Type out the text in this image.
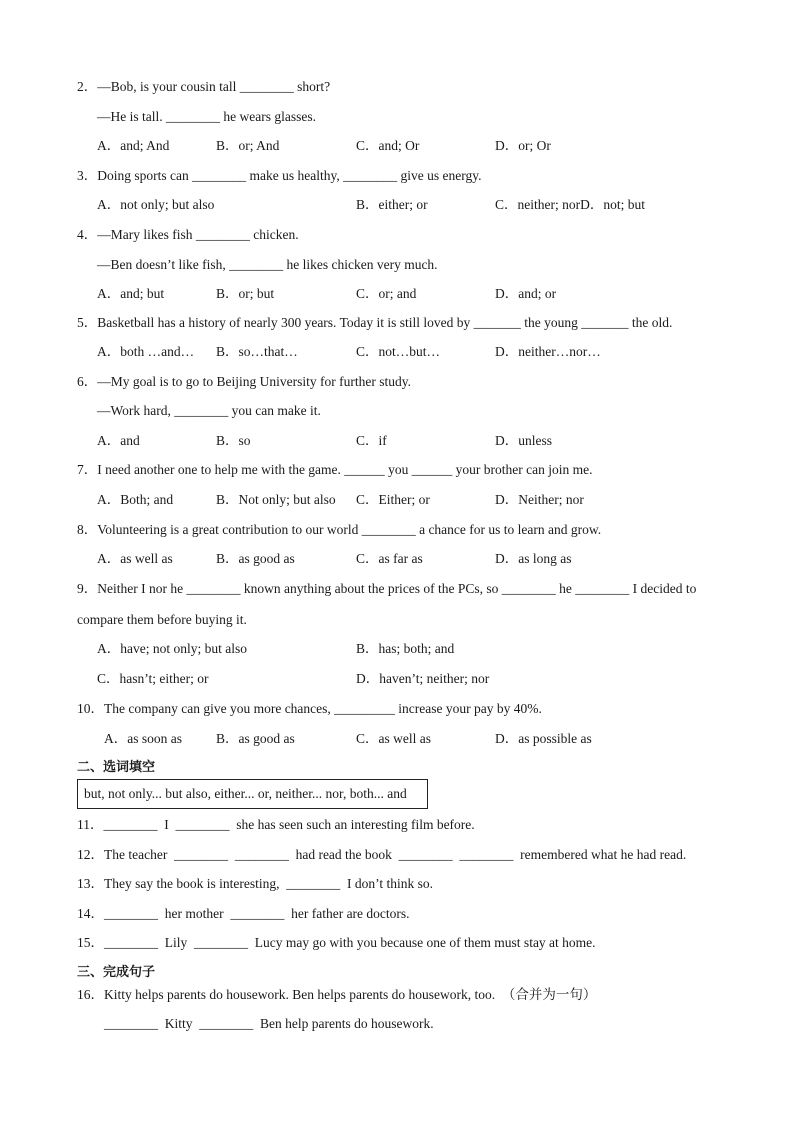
2．—Bob, is your cousin tall ________ short?
—He is tall. ________ he wears glasses.
A．and; And	B．or; And	C．and; Or	D．or; Or
3．Doing sports can ________ make us healthy, ________ give us energy.
A．not only; but also	B．either; or	C．neither; norD．not; but
4．—Mary likes fish ________ chicken.
—Ben doesn’t like fish, ________ he likes chicken very much.
A．and; but	B．or; but	C．or; and	D．and; or
5．Basketball has a history of nearly 300 years. Today it is still loved by _______ the young _______ the old.
A．both …and… B．so…that…	C．not…but…	D．neither…nor…
6．—My goal is to go to Beijing University for further study.
—Work hard, ________ you can make it.
A．and	B．so	C．if	D．unless
7．I need another one to help me with the game. ______ you ______ your brother can join me.
A．Both; and	B．Not only; but also C．Either; or	D．Neither; nor
8．Volunteering is a great contribution to our world ________ a chance for us to learn and grow.
A．as well as	B．as good as	C．as far as	D．as long as
9．Neither I nor he ________ known anything about the prices of the PCs, so ________ he ________ I decided to
compare them before buying it.
A．have; not only; but also	B．has; both; and
C．hasn’t; either; or	D．haven’t; neither; nor
10．The company can give you more chances, _________ increase your pay by 40%.
A．as soon as	B．as good as	C．as well as	D．as possible as
二、选词填空
but, not only... but also, either... or, neither... nor, both... and
11．________  I  ________  she has seen such an interesting film before.
12．The teacher  ________  ________  had read the book  ________  ________  remembered what he had read.
13．They say the book is interesting,  ________  I don’t think so.
14．________  her mother  ________  her father are doctors.
15．________  Lily  ________  Lucy may go with you because one of them must stay at home.
三、完成句子
16．Kitty helps parents do housework. Ben helps parents do housework, too.  （合并为一句）
________  Kitty  ________  Ben help parents do housework.
